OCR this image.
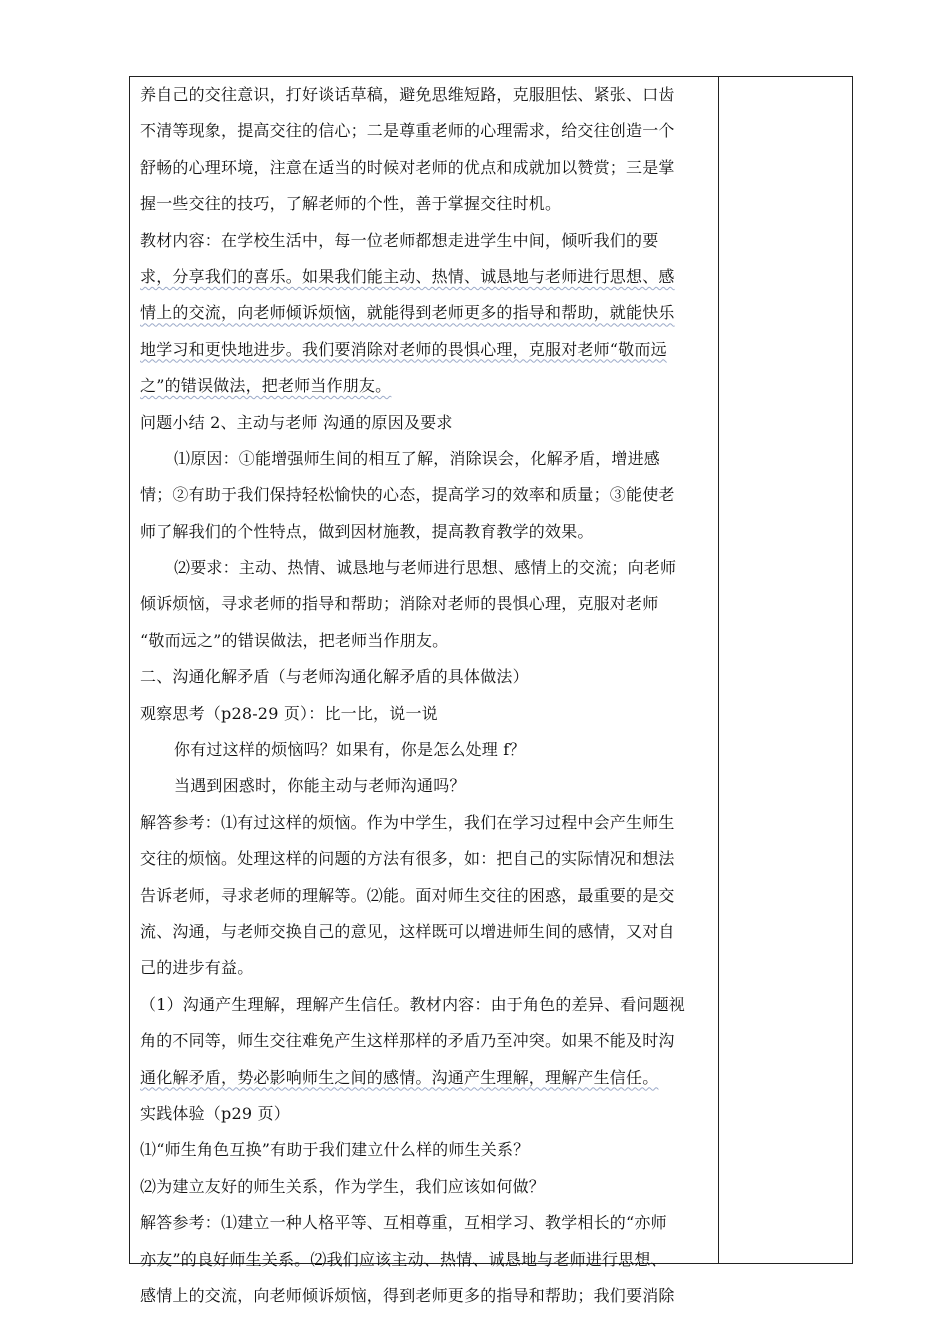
养自己的交往意识，打好谈话草稿，避免思维短路，克服胆怯、紧张、口齿
不清等现象，提高交往的信心；二是尊重老师的心理需求，给交往创造一个
舒畅的心理环境，注意在适当的时候对老师的优点和成就加以赞赏；三是掌
握一些交往的技巧，了解老师的个性，善于掌握交往时机。
教材内容：在学校生活中，每一位老师都想走进学生中间，倾听我们的要
求，分享我们的喜乐。如果我们能主动、热情、诚恳地与老师进行思想、感
情上的交流，向老师倾诉烦恼，就能得到老师更多的指导和帮助，就能快乐
地学习和更快地进步。我们要消除对老师的畏惧心理，克服对老师“敬而远
之”的错误做法，把老师当作朋友。
问题小结 2、主动与老师 沟通的原因及要求
⑴原因：①能增强师生间的相互了解，消除误会，化解矛盾，增进感
情；②有助于我们保持轻松愉快的心态，提高学习的效率和质量；③能使老
师了解我们的个性特点，做到因材施教，提高教育教学的效果。
⑵要求：主动、热情、诚恳地与老师进行思想、感情上的交流；向老师
倾诉烦恼，寻求老师的指导和帮助；消除对老师的畏惧心理，克服对老师
“敬而远之”的错误做法，把老师当作朋友。
二、沟通化解矛盾（与老师沟通化解矛盾的具体做法）
观察思考（p28-29 页）：比一比，说一说
你有过这样的烦恼吗？如果有，你是怎么处理 f？
当遇到困惑时，你能主动与老师沟通吗？
解答参考：⑴有过这样的烦恼。作为中学生，我们在学习过程中会产生师生
交往的烦恼。处理这样的问题的方法有很多，如：把自己的实际情况和想法
告诉老师，寻求老师的理解等。⑵能。面对师生交往的困惑，最重要的是交
流、沟通，与老师交换自己的意见，这样既可以增进师生间的感情，又对自
己的进步有益。
（1）沟通产生理解，理解产生信任。教材内容：由于角色的差异、看问题视
角的不同等，师生交往难免产生这样那样的矛盾乃至冲突。如果不能及时沟
通化解矛盾，势必影响师生之间的感情。沟通产生理解，理解产生信任。
实践体验（p29 页）
⑴“师生角色互换”有助于我们建立什么样的师生关系？
⑵为建立友好的师生关系，作为学生，我们应该如何做？
解答参考：⑴建立一种人格平等、互相尊重，互相学习、教学相长的“亦师
亦友”的良好师生关系。⑵我们应该主动、热情、诚恳地与老师进行思想、
感情上的交流，向老师倾诉烦恼，得到老师更多的指导和帮助；我们要消除
